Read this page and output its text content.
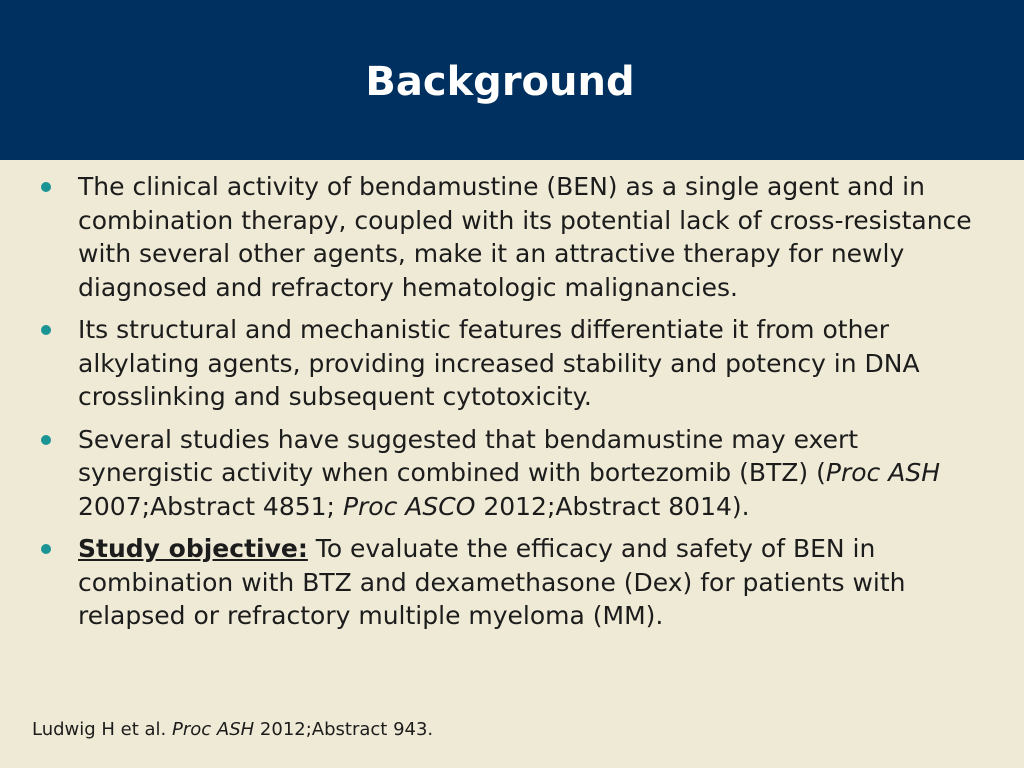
Background
The clinical activity of bendamustine (BEN) as a single agent and in combination therapy, coupled with its potential lack of cross-resistance with several other agents, make it an attractive therapy for newly diagnosed and refractory hematologic malignancies.
Its structural and mechanistic features differentiate it from other alkylating agents, providing increased stability and potency in DNA crosslinking and subsequent cytotoxicity.
Several studies have suggested that bendamustine may exert synergistic activity when combined with bortezomib (BTZ) (Proc ASH 2007;Abstract 4851; Proc ASCO 2012;Abstract 8014).
Study objective: To evaluate the efficacy and safety of BEN in combination with BTZ and dexamethasone (Dex) for patients with relapsed or refractory multiple myeloma (MM).

Ludwig H et al. Proc ASH 2012;Abstract 943.
